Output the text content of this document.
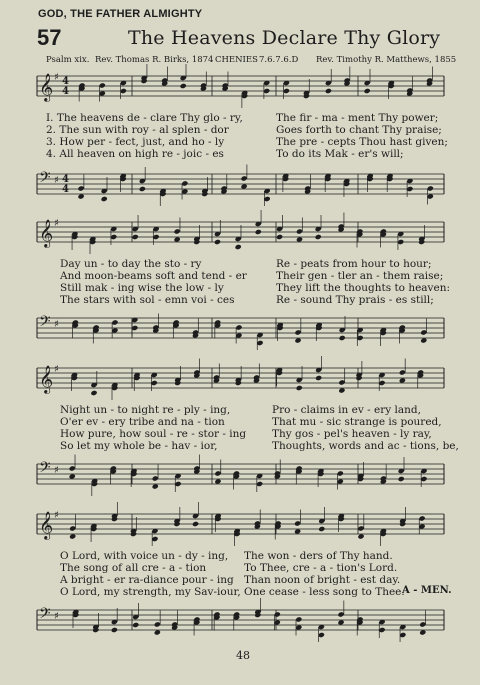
GOD, THE FATHER ALMIGHTY
57	The Heavens Declare Thy Glory
Psalm xix. Rev. Thomas R. Birks, 1874 CHENIES 7.6.7.6.D Rev. Timothy R. Matthews, 1855
𝄞 ♯ 4
4
I. The heavens de - clare Thy glo - ry,
2. The sun with roy - al splen - dor
3. How per - fect, just, and ho - ly
4. All heaven on high re - joic - es
The fir - ma - ment Thy power;
Goes forth to chant Thy praise;
The pre - cepts Thou hast given;
To do its Mak - er's will;
𝄢 ♯ 4
4
𝄞 ♯
Day un - to day the sto - ry
And moon-beams soft and tend - er
Still mak - ing wise the low - ly
The stars with sol - emn voi - ces
Re - peats from hour to hour;
Their gen - tler an - them raise;
They lift the thoughts to heaven:
Re - sound Thy prais - es still;
𝄢 ♯
𝄞 ♯
Night un - to night re - ply - ing,
O'er ev - ery tribe and na - tion
How pure, how soul - re - stor - ing
So let my whole be - hav - ior,
Pro - claims in ev - ery land,
That mu - sic strange is poured,
Thy gos - pel's heaven - ly ray,
Thoughts, words and ac - tions, be,
𝄢 ♯
𝄞 ♯
O Lord, with voice un - dy - ing,
The song of all cre - a - tion
A bright - er ra-diance pour - ing
O Lord, my strength, my Sav-iour,
The won - ders of Thy hand.
To Thee, cre - a - tion's Lord.
Than noon of bright - est day.
One cease - less song to Thee.
A - MEN.
𝄢 ♯
48
